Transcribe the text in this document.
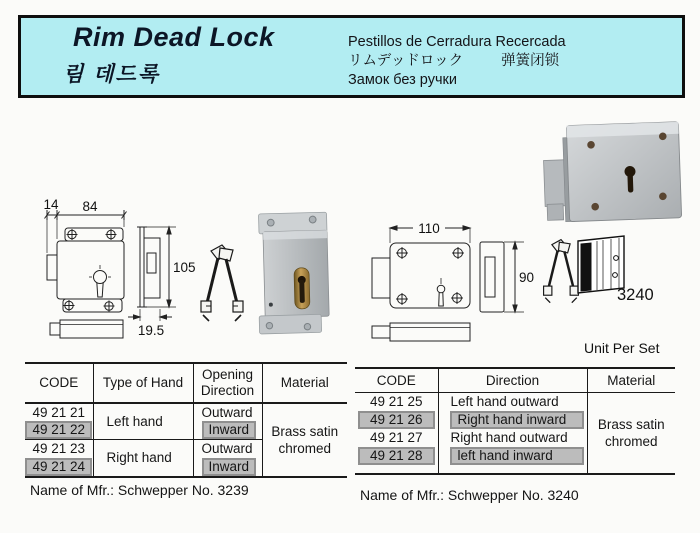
Rim Dead Lock
림 데드록
Pestillos de Cerradura Recercada
リムデッドロック	弹簧闭锁
Замок без ручки
14 84
105
19.5
110
90
3240
Unit Per Set
CODE	Type of Hand	Opening Direction	Material
49 21 21	Left hand	Outward	Brass satin chromed
49 21 22		Inward	
49 21 23	Right hand	Outward	
49 21 24		Inward	
CODE	Direction	Material
49 21 25	Left hand outward	Brass satin chromed

49 21 26	Right hand inward	

49 21 27	Right hand outward	

49 21 28	left hand inward	
Name of Mfr.: Schwepper No. 3239	Name of Mfr.: Schwepper No. 3240
